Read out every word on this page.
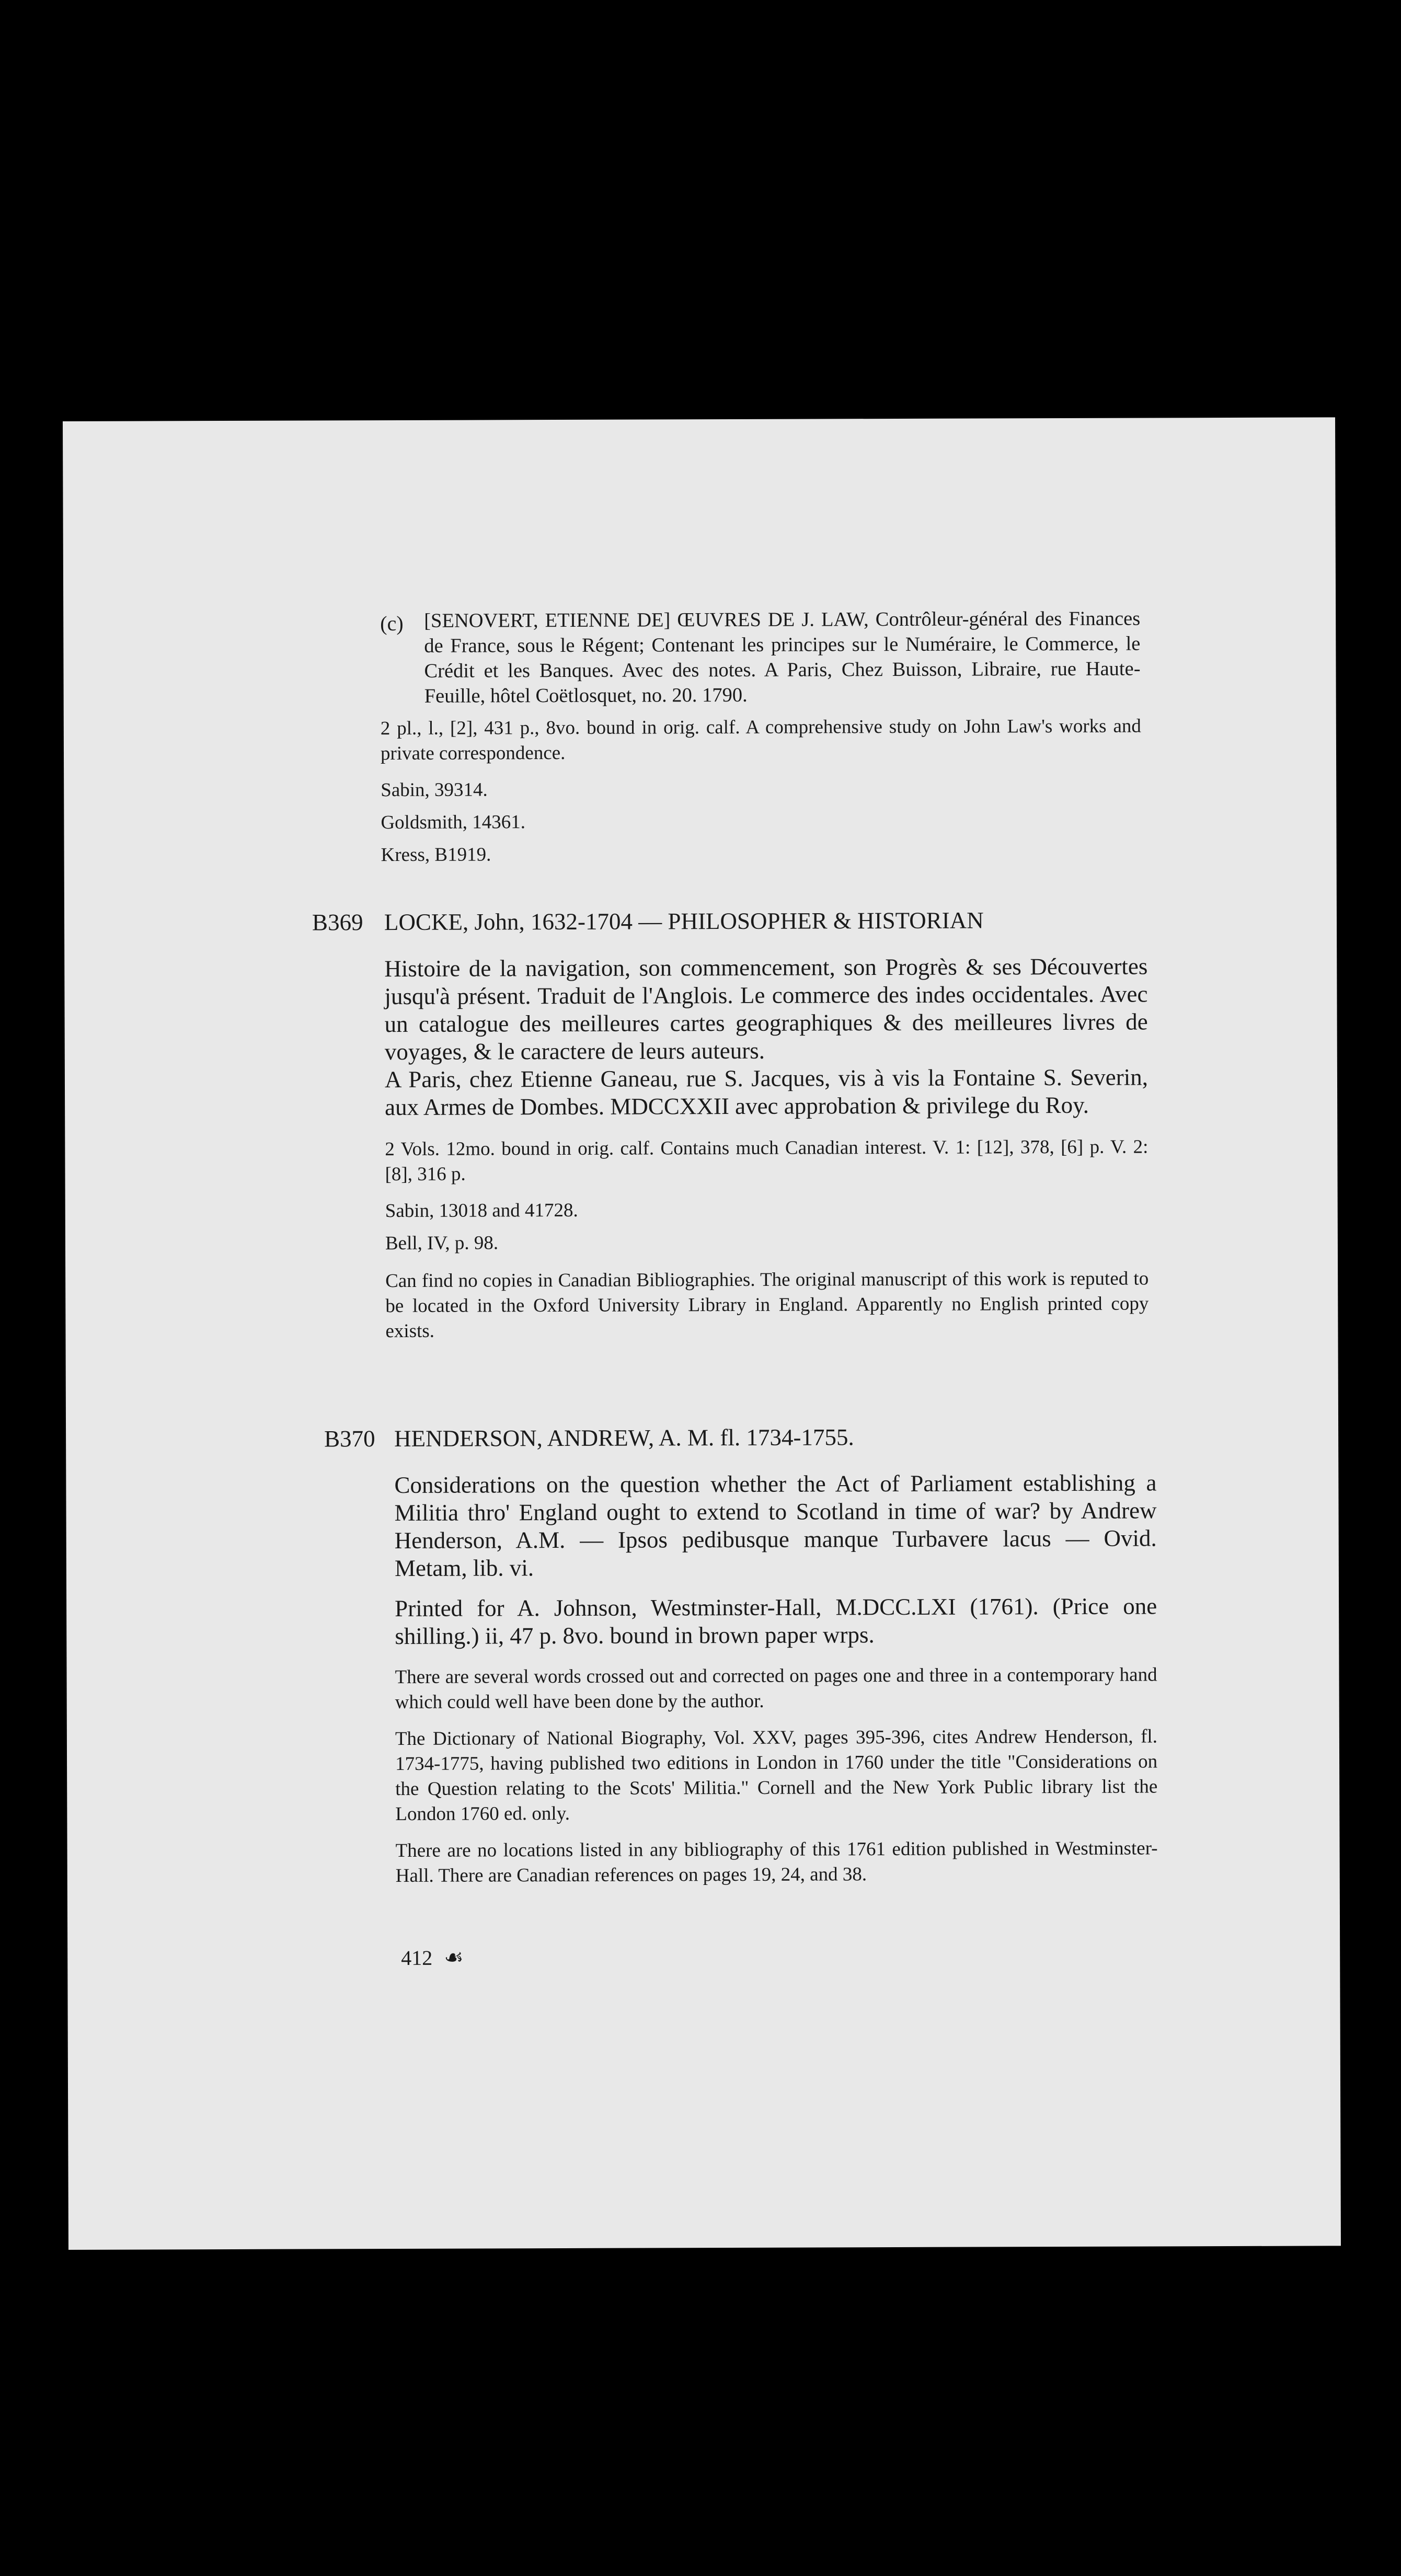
(c) [SENOVERT, ETIENNE DE] ŒUVRES DE J. LAW, Contrôleur-général des Finances de France, sous le Régent; Contenant les principes sur le Numéraire, le Commerce, le Crédit et les Banques. Avec des notes. A Paris, Chez Buisson, Libraire, rue Haute-Feuille, hôtel Coëtlosquet, no. 20. 1790.

2 pl., l., [2], 431 p., 8vo. bound in orig. calf. A comprehensive study on John Law's works and private correspondence.

Sabin, 39314.

Goldsmith, 14361.

Kress, B1919.

B369 LOCKE, John, 1632-1704 — PHILOSOPHER & HISTORIAN

Histoire de la navigation, son commencement, son Progrès & ses Découvertes jusqu'à présent. Traduit de l'Anglois. Le commerce des indes occidentales. Avec un catalogue des meilleures cartes geographiques & des meilleures livres de voyages, & le caractere de leurs auteurs.

A Paris, chez Etienne Ganeau, rue S. Jacques, vis à vis la Fontaine S. Severin, aux Armes de Dombes. MDCCXXII avec approbation & privilege du Roy.

2 Vols. 12mo. bound in orig. calf. Contains much Canadian interest. V. 1: [12], 378, [6] p. V. 2: [8], 316 p.

Sabin, 13018 and 41728.

Bell, IV, p. 98.

Can find no copies in Canadian Bibliographies. The original manuscript of this work is reputed to be located in the Oxford University Library in England. Apparently no English printed copy exists.

B370 HENDERSON, ANDREW, A. M. fl. 1734-1755.

Considerations on the question whether the Act of Parliament establishing a Militia thro' England ought to extend to Scotland in time of war? by Andrew Henderson, A.M. — Ipsos pedibusque manque Turbavere lacus — Ovid. Metam, lib. vi.

Printed for A. Johnson, Westminster-Hall, M.DCC.LXI (1761). (Price one shilling.) ii, 47 p. 8vo. bound in brown paper wrps.

There are several words crossed out and corrected on pages one and three in a contemporary hand which could well have been done by the author.

The Dictionary of National Biography, Vol. XXV, pages 395-396, cites Andrew Henderson, fl. 1734-1775, having published two editions in London in 1760 under the title "Considerations on the Question relating to the Scots' Militia." Cornell and the New York Public library list the London 1760 ed. only.

There are no locations listed in any bibliography of this 1761 edition published in Westminster-Hall. There are Canadian references on pages 19, 24, and 38.

412 ☙
